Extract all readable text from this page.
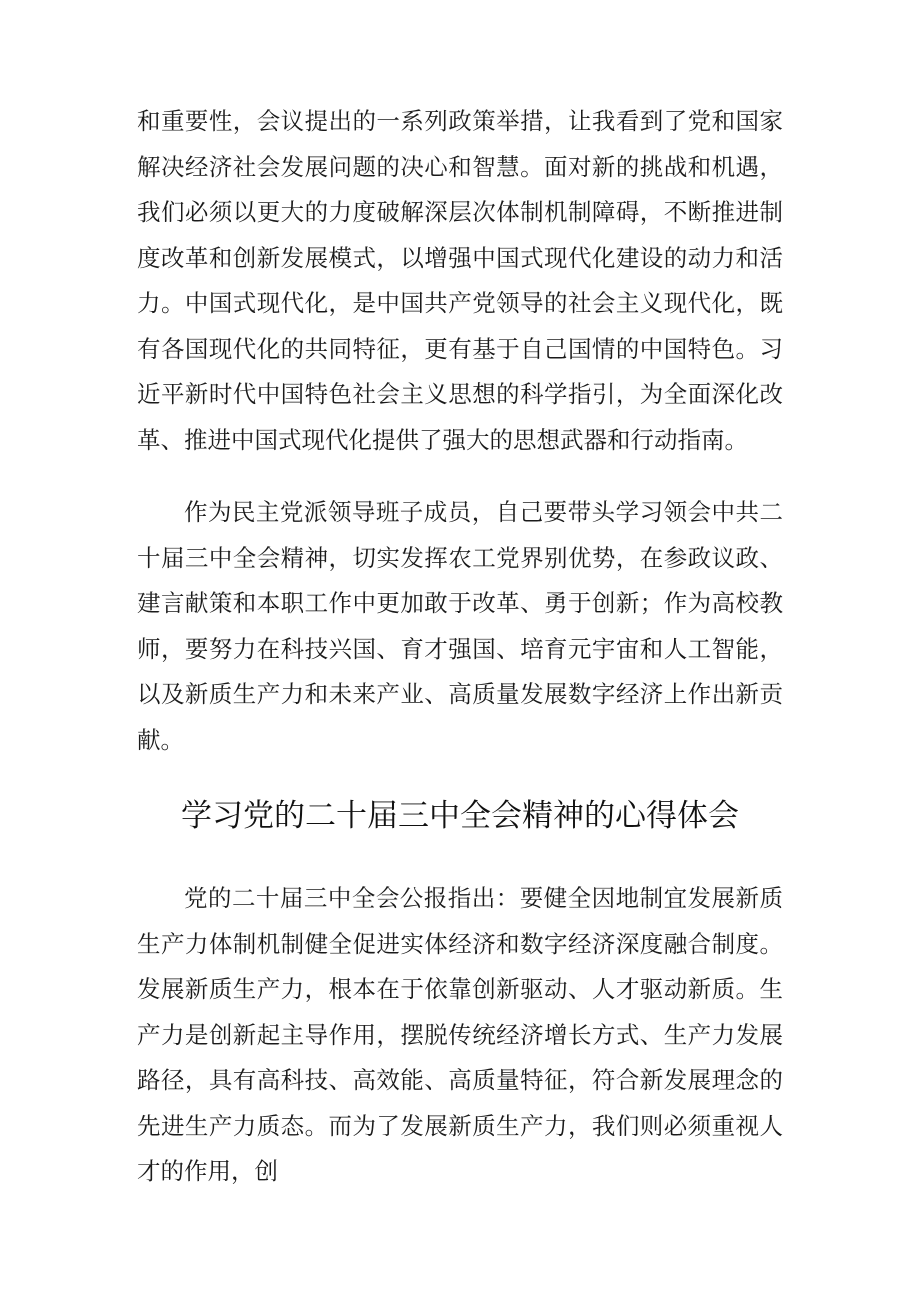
和重要性，会议提出的一系列政策举措，让我看到了党和国家解决经济社会发展问题的决心和智慧。面对新的挑战和机遇，我们必须以更大的力度破解深层次体制机制障碍，不断推进制度改革和创新发展模式，以增强中国式现代化建设的动力和活力。中国式现代化，是中国共产党领导的社会主义现代化，既有各国现代化的共同特征，更有基于自己国情的中国特色。习近平新时代中国特色社会主义思想的科学指引，为全面深化改革、推进中国式现代化提供了强大的思想武器和行动指南。

作为民主党派领导班子成员，自己要带头学习领会中共二十届三中全会精神，切实发挥农工党界别优势，在参政议政、建言献策和本职工作中更加敢于改革、勇于创新；作为高校教师，要努力在科技兴国、育才强国、培育元宇宙和人工智能，以及新质生产力和未来产业、高质量发展数字经济上作出新贡献。

学习党的二十届三中全会精神的心得体会

党的二十届三中全会公报指出：要健全因地制宜发展新质生产力体制机制健全促进实体经济和数字经济深度融合制度。发展新质生产力，根本在于依靠创新驱动、人才驱动新质。生产力是创新起主导作用，摆脱传统经济增长方式、生产力发展路径，具有高科技、高效能、高质量特征，符合新发展理念的先进生产力质态。而为了发展新质生产力，我们则必须重视人才的作用，创
